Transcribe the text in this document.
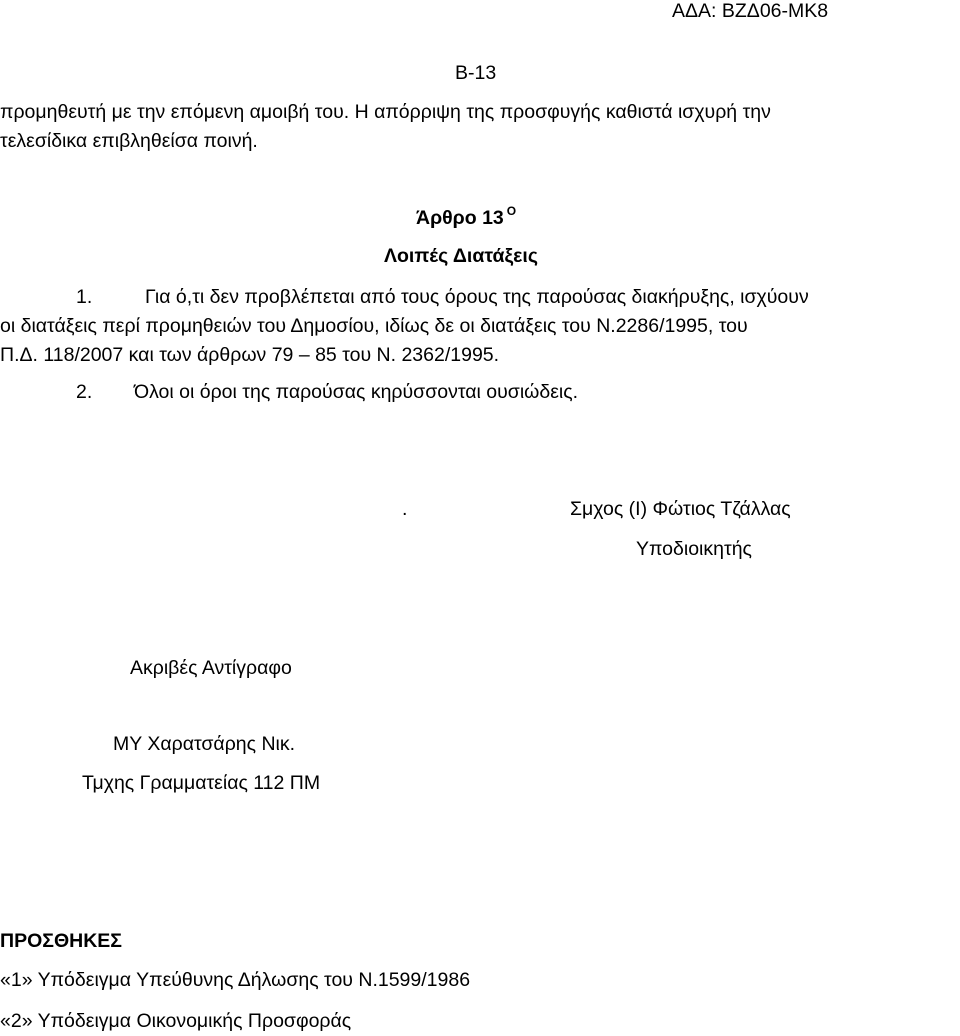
ΑΔΑ: ΒΖΔ06-ΜΚ8
Β-13
προμηθευτή με την επόμενη αμοιβή του. Η απόρριψη της προσφυγής καθιστά ισχυρή την
τελεσίδικα επιβληθείσα ποινή.
Άρθρο 13 $^O$
Λοιπές Διατάξεις
1.	Για ό,τι δεν προβλέπεται από τους όρους της παρούσας διακήρυξης, ισχύουν
οι διατάξεις περί προμηθειών του Δημοσίου, ιδίως δε οι διατάξεις του Ν.2286/1995, του
Π.Δ. 118/2007 και των άρθρων 79 – 85 του Ν. 2362/1995.
2. Όλοι οι όροι της παρούσας κηρύσσονται ουσιώδεις.
.	Σμχος (Ι) Φώτιος Τζάλλας
Υποδιοικητής
Ακριβές Αντίγραφο
ΜΥ Χαρατσάρης Νικ.
Τμχης Γραμματείας 112 ΠΜ
ΠΡΟΣΘΗΚΕΣ
«1» Υπόδειγμα Υπεύθυνης Δήλωσης του Ν.1599/1986
«2» Υπόδειγμα Οικονομικής Προσφοράς
